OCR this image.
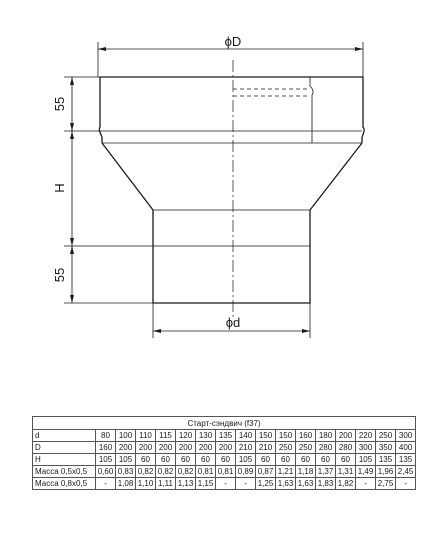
ϕD
55
H
55
ϕd
Старт-сэндвич (f37)																
d	80	100	110	115	120	130	135	140	150	150	160	180	200	220	250	300
D	160	200	200	200	200	200	200	210	210	250	250	280	280	300	350	400
H	105	105	60	60	60	60	60	105	60	60	60	60	60	105	135	135
Масса 0,5x0,5	0,60	0,83	0,82	0,82	0,82	0,81	0,81	0,89	0,87	1,21	1,18	1,37	1,31	1,49	1,96	2,45
Масса 0,8x0,5	-	1,08	1,10	1,11	1,13	1,15	-	-	1,25	1,63	1,63	1,83	1,82	-	2,75	-
